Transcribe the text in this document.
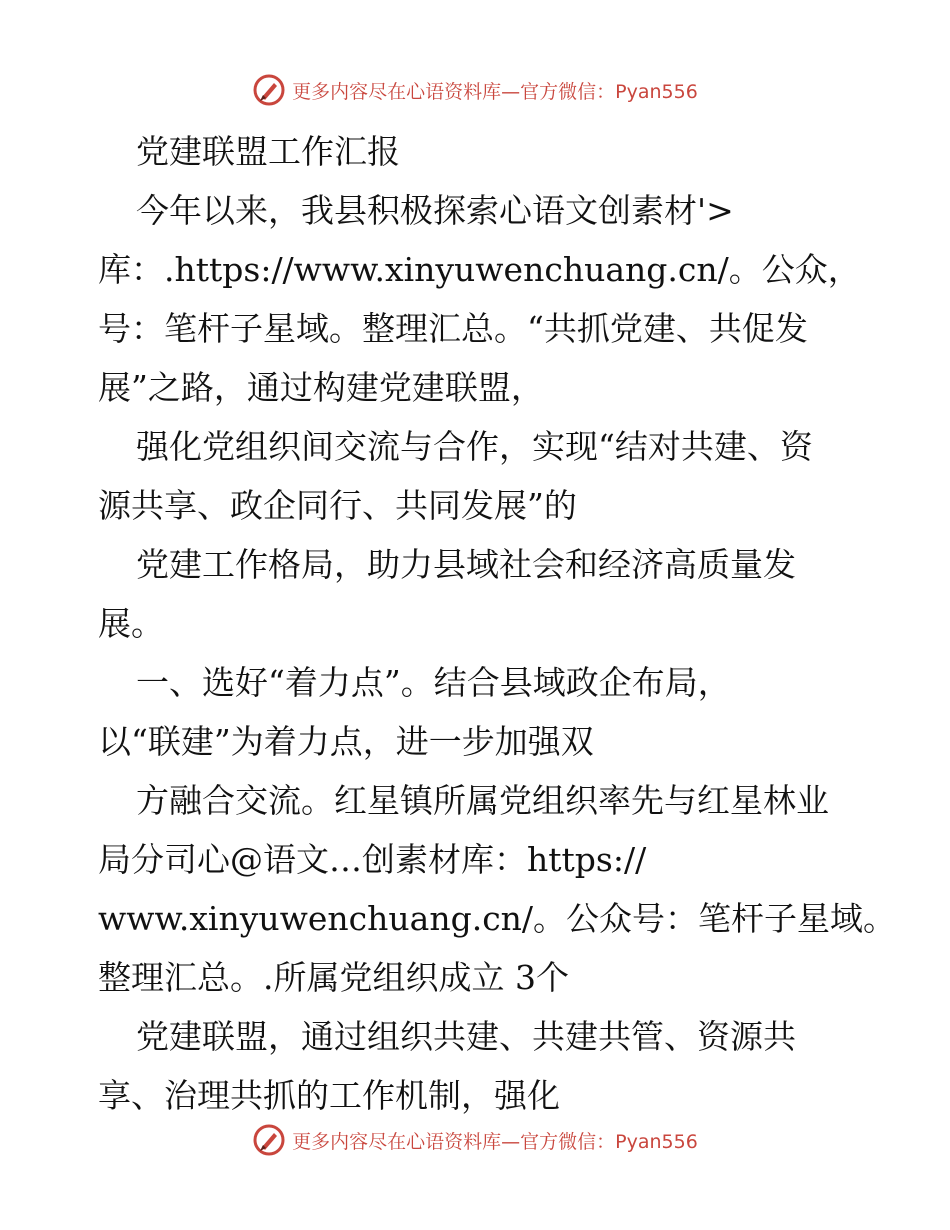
更多内容尽在心语资料库—官方微信：Pyan556
党建联盟工作汇报
今年以来，我县积极探索心语文创素材'>
库：.https://www.xinyuwenchuang.cn/。公众，
号：笔杆子星域。整理汇总。“共抓党建、共促发
展”之路，通过构建党建联盟，
强化党组织间交流与合作，实现“结对共建、资
源共享、政企同行、共同发展”的
党建工作格局，助力县域社会和经济高质量发
展。
一、选好“着力点”。结合县域政企布局，
以“联建”为着力点，进一步加强双
方融合交流。红星镇所属党组织率先与红星林业
局分司心@语文…创素材库：https://
www.xinyuwenchuang.cn/。公众号：笔杆子星域。
整理汇总。.所属党组织成立 3个
党建联盟，通过组织共建、共建共管、资源共
享、治理共抓的工作机制，强化
更多内容尽在心语资料库—官方微信：Pyan556
